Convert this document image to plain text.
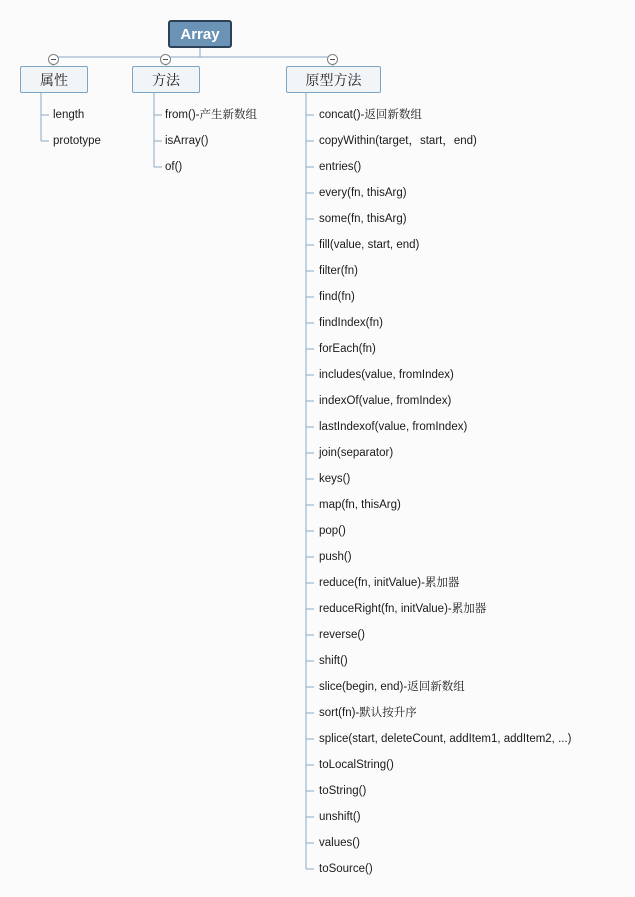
Array
属性	方法	原型方法
length
prototype
from()-产生新数组
isArray()
of()
concat()-返回新数组
copyWithin(target，start，end)
entries()
every(fn, thisArg)
some(fn, thisArg)
fill(value, start, end)
filter(fn)
find(fn)
findIndex(fn)
forEach(fn)
includes(value, fromIndex)
indexOf(value, fromIndex)
lastIndexof(value, fromIndex)
join(separator)
keys()
map(fn, thisArg)
pop()
push()
reduce(fn, initValue)-累加器
reduceRight(fn, initValue)-累加器
reverse()
shift()
slice(begin, end)-返回新数组
sort(fn)-默认按升序
splice(start, deleteCount, addItem1, addItem2, ...)
toLocalString()
toString()
unshift()
values()
toSource()
